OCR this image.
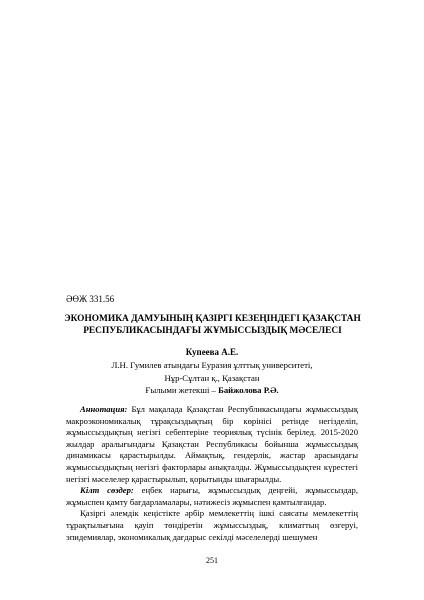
ӘӨЖ 331.56
ЭКОНОМИКА ДАМУЫНЫҢ ҚАЗІРГІ КЕЗЕҢІНДЕГІ ҚАЗАҚСТАН
РЕСПУБЛИКАСЫНДАҒЫ ЖҰМЫССЫЗДЫҚ МӘСЕЛЕСІ
Купеева А.Е.
Л.Н. Гумилев атындағы Еуразия ұлттық университеті,
Нұр-Сұлтан қ., Қазақстан
Ғылыми жетекші – Байжолова Р.Ә.

Аннотация: Бұл мақалада Қазақстан Республикасындағы жұмыссыздық макроэкономикалық тұрақсыздықтың бір көрінісі ретінде негізделіп, жұмыссыздықтың негізгі себептеріне теориялық түсінік берілед. 2015-2020 жылдар аралығындағы Қазақстан Республикасы бойынша жұмыссыздық динамикасы қарастырылды. Аймақтық, гендерлік, жастар арасындағы жұмыссыздықтың негізгі факторлары анықталды. Жұмыссыздықтен күрестегі негізгі мәселелер қарастырылып, қорытынды шығарылды.

Кілт сөздер: еңбек нарығы, жұмыссыздық деңгейі, жұмыссыздар, жұмыспен қамту бағдарламалары, нәтижесіз жұмыспен қамтылғандар.

Қазіргі әлемдік кеңістікте әрбір мемлекеттің ішкі саясаты мемлекеттің тұрақтылығына қауіп төндіретін жұмыссыздық, климаттың өзгеруі, эпидемиялар, экономикалық дағдарыс секілді мәселелерді шешумен

251
